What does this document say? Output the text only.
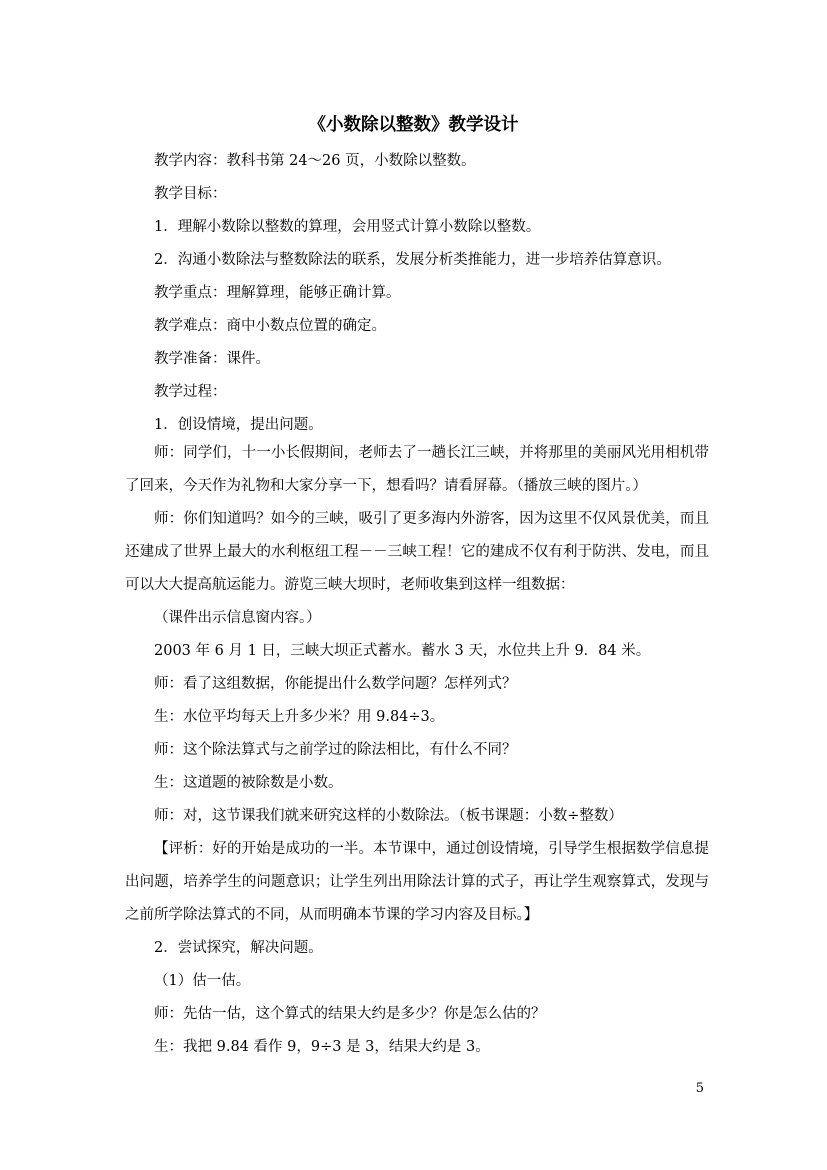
《小数除以整数》教学设计

教学内容：教科书第 24～26 页，小数除以整数。

教学目标：

1．理解小数除以整数的算理，会用竖式计算小数除以整数。

2．沟通小数除法与整数除法的联系，发展分析类推能力，进一步培养估算意识。

教学重点：理解算理，能够正确计算。

教学难点：商中小数点位置的确定。

教学准备：课件。

教学过程：

1．创设情境，提出问题。

师：同学们，十一小长假期间，老师去了一趟长江三峡，并将那里的美丽风光用相机带
了回来，今天作为礼物和大家分享一下，想看吗？请看屏幕。（播放三峡的图片。）
师：你们知道吗？如今的三峡，吸引了更多海内外游客，因为这里不仅风景优美，而且
还建成了世界上最大的水利枢纽工程－－三峡工程！它的建成不仅有利于防洪、发电，而且
可以大大提高航运能力。游览三峡大坝时，老师收集到这样一组数据：

（课件出示信息窗内容。）

2003 年 6 月 1 日，三峡大坝正式蓄水。蓄水 3 天，水位共上升 9．84 米。

师：看了这组数据，你能提出什么数学问题？怎样列式？

生：水位平均每天上升多少米？用 9.84÷3。

师：这个除法算式与之前学过的除法相比，有什么不同？

生：这道题的被除数是小数。

师：对，这节课我们就来研究这样的小数除法。（板书课题：小数÷整数）

【评析：好的开始是成功的一半。本节课中，通过创设情境，引导学生根据数学信息提
出问题，培养学生的问题意识；让学生列出用除法计算的式子，再让学生观察算式，发现与
之前所学除法算式的不同，从而明确本节课的学习内容及目标。】

2．尝试探究，解决问题。

（1）估一估。

师：先估一估，这个算式的结果大约是多少？你是怎么估的？

生：我把 9.84 看作 9，9÷3 是 3，结果大约是 3。

5
